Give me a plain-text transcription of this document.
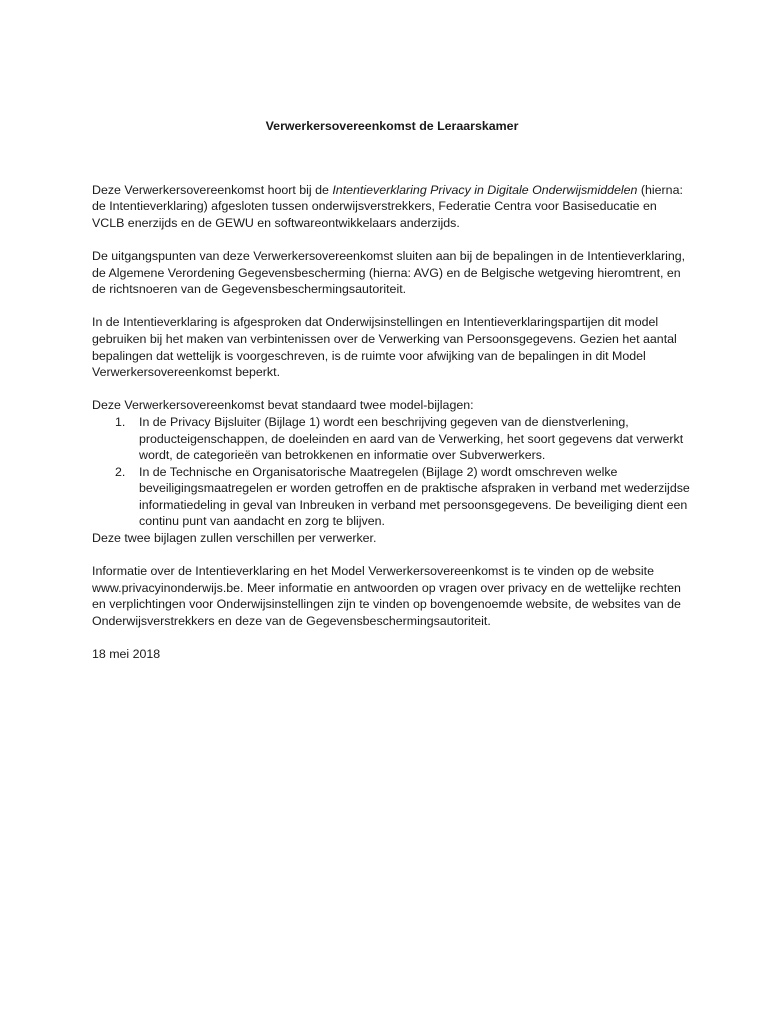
Verwerkersovereenkomst de Leraarskamer

Deze Verwerkersovereenkomst hoort bij de Intentieverklaring Privacy in Digitale Onderwijsmiddelen (hierna: de Intentieverklaring) afgesloten tussen onderwijsverstrekkers, Federatie Centra voor Basiseducatie en VCLB enerzijds en de GEWU en softwareontwikkelaars anderzijds.

De uitgangspunten van deze Verwerkersovereenkomst sluiten aan bij de bepalingen in de Intentieverklaring, de Algemene Verordening Gegevensbescherming (hierna: AVG) en de Belgische wetgeving hieromtrent, en de richtsnoeren van de Gegevensbeschermingsautoriteit.

In de Intentieverklaring is afgesproken dat Onderwijsinstellingen en Intentieverklaringspartijen dit model gebruiken bij het maken van verbintenissen over de Verwerking van Persoonsgegevens. Gezien het aantal bepalingen dat wettelijk is voorgeschreven, is de ruimte voor afwijking van de bepalingen in dit Model Verwerkersovereenkomst beperkt.

Deze Verwerkersovereenkomst bevat standaard twee model-bijlagen:
1. In de Privacy Bijsluiter (Bijlage 1) wordt een beschrijving gegeven van de dienstverlening, producteigenschappen, de doeleinden en aard van de Verwerking, het soort gegevens dat verwerkt wordt, de categorieën van betrokkenen en informatie over Subverwerkers.
2. In de Technische en Organisatorische Maatregelen (Bijlage 2) wordt omschreven welke beveiligingsmaatregelen er worden getroffen en de praktische afspraken in verband met wederzijdse informatiedeling in geval van Inbreuken in verband met persoonsgegevens. De beveiliging dient een continu punt van aandacht en zorg te blijven.
Deze twee bijlagen zullen verschillen per verwerker.

Informatie over de Intentieverklaring en het Model Verwerkersovereenkomst is te vinden op de website www.privacyinonderwijs.be. Meer informatie en antwoorden op vragen over privacy en de wettelijke rechten en verplichtingen voor Onderwijsinstellingen zijn te vinden op bovengenoemde website, de websites van de Onderwijsverstrekkers en deze van de Gegevensbeschermingsautoriteit.

18 mei 2018
